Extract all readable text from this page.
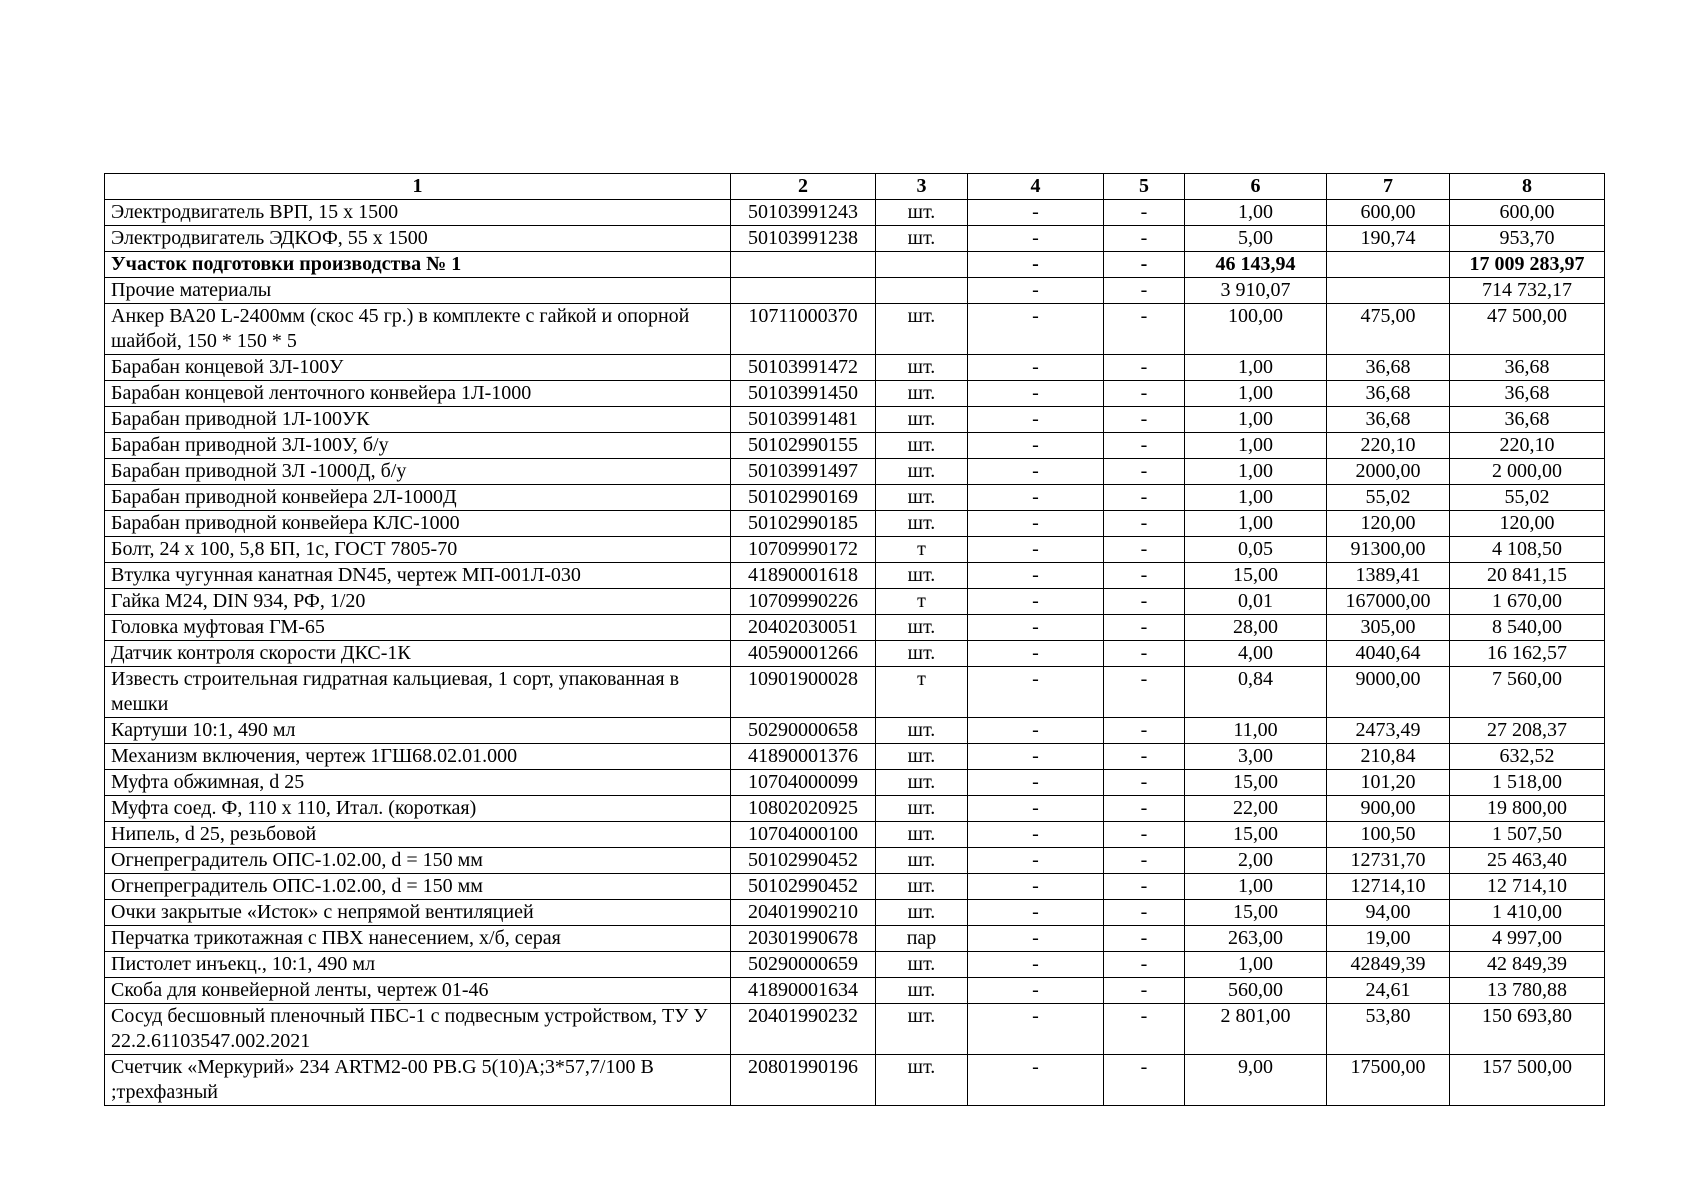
1	2	3	4	5	6	7	8
Электродвигатель ВРП, 15 х 1500	50103991243	шт.	-	-	1,00	600,00	600,00
Электродвигатель ЭДКОФ, 55 х 1500	50103991238	шт.	-	-	5,00	190,74	953,70
Участок подготовки производства № 1			-	-	46 143,94		17 009 283,97
Прочие материалы			-	-	3 910,07		714 732,17
Анкер ВА20 L-2400мм (скос 45 гр.) в комплекте с гайкой и опорной шайбой, 150 * 150 * 5	10711000370	шт.	-	-	100,00	475,00	47 500,00
Барабан концевой 3Л-100У	50103991472	шт.	-	-	1,00	36,68	36,68
Барабан концевой ленточного конвейера 1Л-1000	50103991450	шт.	-	-	1,00	36,68	36,68
Барабан приводной 1Л-100УК	50103991481	шт.	-	-	1,00	36,68	36,68
Барабан приводной 3Л-100У, б/у	50102990155	шт.	-	-	1,00	220,10	220,10
Барабан приводной 3Л -1000Д, б/у	50103991497	шт.	-	-	1,00	2000,00	2 000,00
Барабан приводной конвейера 2Л-1000Д	50102990169	шт.	-	-	1,00	55,02	55,02
Барабан приводной конвейера КЛС-1000	50102990185	шт.	-	-	1,00	120,00	120,00
Болт, 24 х 100, 5,8 БП, 1с, ГОСТ 7805-70	10709990172	т	-	-	0,05	91300,00	4 108,50
Втулка чугунная канатная DN45, чертеж МП-001Л-030	41890001618	шт.	-	-	15,00	1389,41	20 841,15
Гайка М24, DIN 934, РФ, 1/20	10709990226	т	-	-	0,01	167000,00	1 670,00
Головка муфтовая ГМ-65	20402030051	шт.	-	-	28,00	305,00	8 540,00
Датчик контроля скорости ДКС-1К	40590001266	шт.	-	-	4,00	4040,64	16 162,57
Известь строительная гидратная кальциевая, 1 сорт, упакованная в мешки	10901900028	т	-	-	0,84	9000,00	7 560,00
Картуши 10:1, 490 мл	50290000658	шт.	-	-	11,00	2473,49	27 208,37
Механизм включения, чертеж 1ГШ68.02.01.000	41890001376	шт.	-	-	3,00	210,84	632,52
Муфта обжимная, d 25	10704000099	шт.	-	-	15,00	101,20	1 518,00
Муфта соед. Ф, 110 х 110, Итал. (короткая)	10802020925	шт.	-	-	22,00	900,00	19 800,00
Нипель, d 25, резьбовой	10704000100	шт.	-	-	15,00	100,50	1 507,50
Огнепреградитель ОПС-1.02.00, d = 150 мм	50102990452	шт.	-	-	2,00	12731,70	25 463,40
Огнепреградитель ОПС-1.02.00, d = 150 мм	50102990452	шт.	-	-	1,00	12714,10	12 714,10
Очки закрытые «Исток» с непрямой вентиляцией	20401990210	шт.	-	-	15,00	94,00	1 410,00
Перчатка трикотажная с ПВХ нанесением, х/б, серая	20301990678	пар	-	-	263,00	19,00	4 997,00
Пистолет инъекц., 10:1, 490 мл	50290000659	шт.	-	-	1,00	42849,39	42 849,39
Скоба для конвейерной ленты, чертеж 01-46	41890001634	шт.	-	-	560,00	24,61	13 780,88
Сосуд бесшовный пленочный ПБС-1 с подвесным устройством, ТУ У 22.2.61103547.002.2021	20401990232	шт.	-	-	2 801,00	53,80	150 693,80
Счетчик «Меркурий» 234 ARTM2-00 PB.G 5(10)A;3*57,7/100 В ;трехфазный	20801990196	шт.	-	-	9,00	17500,00	157 500,00
